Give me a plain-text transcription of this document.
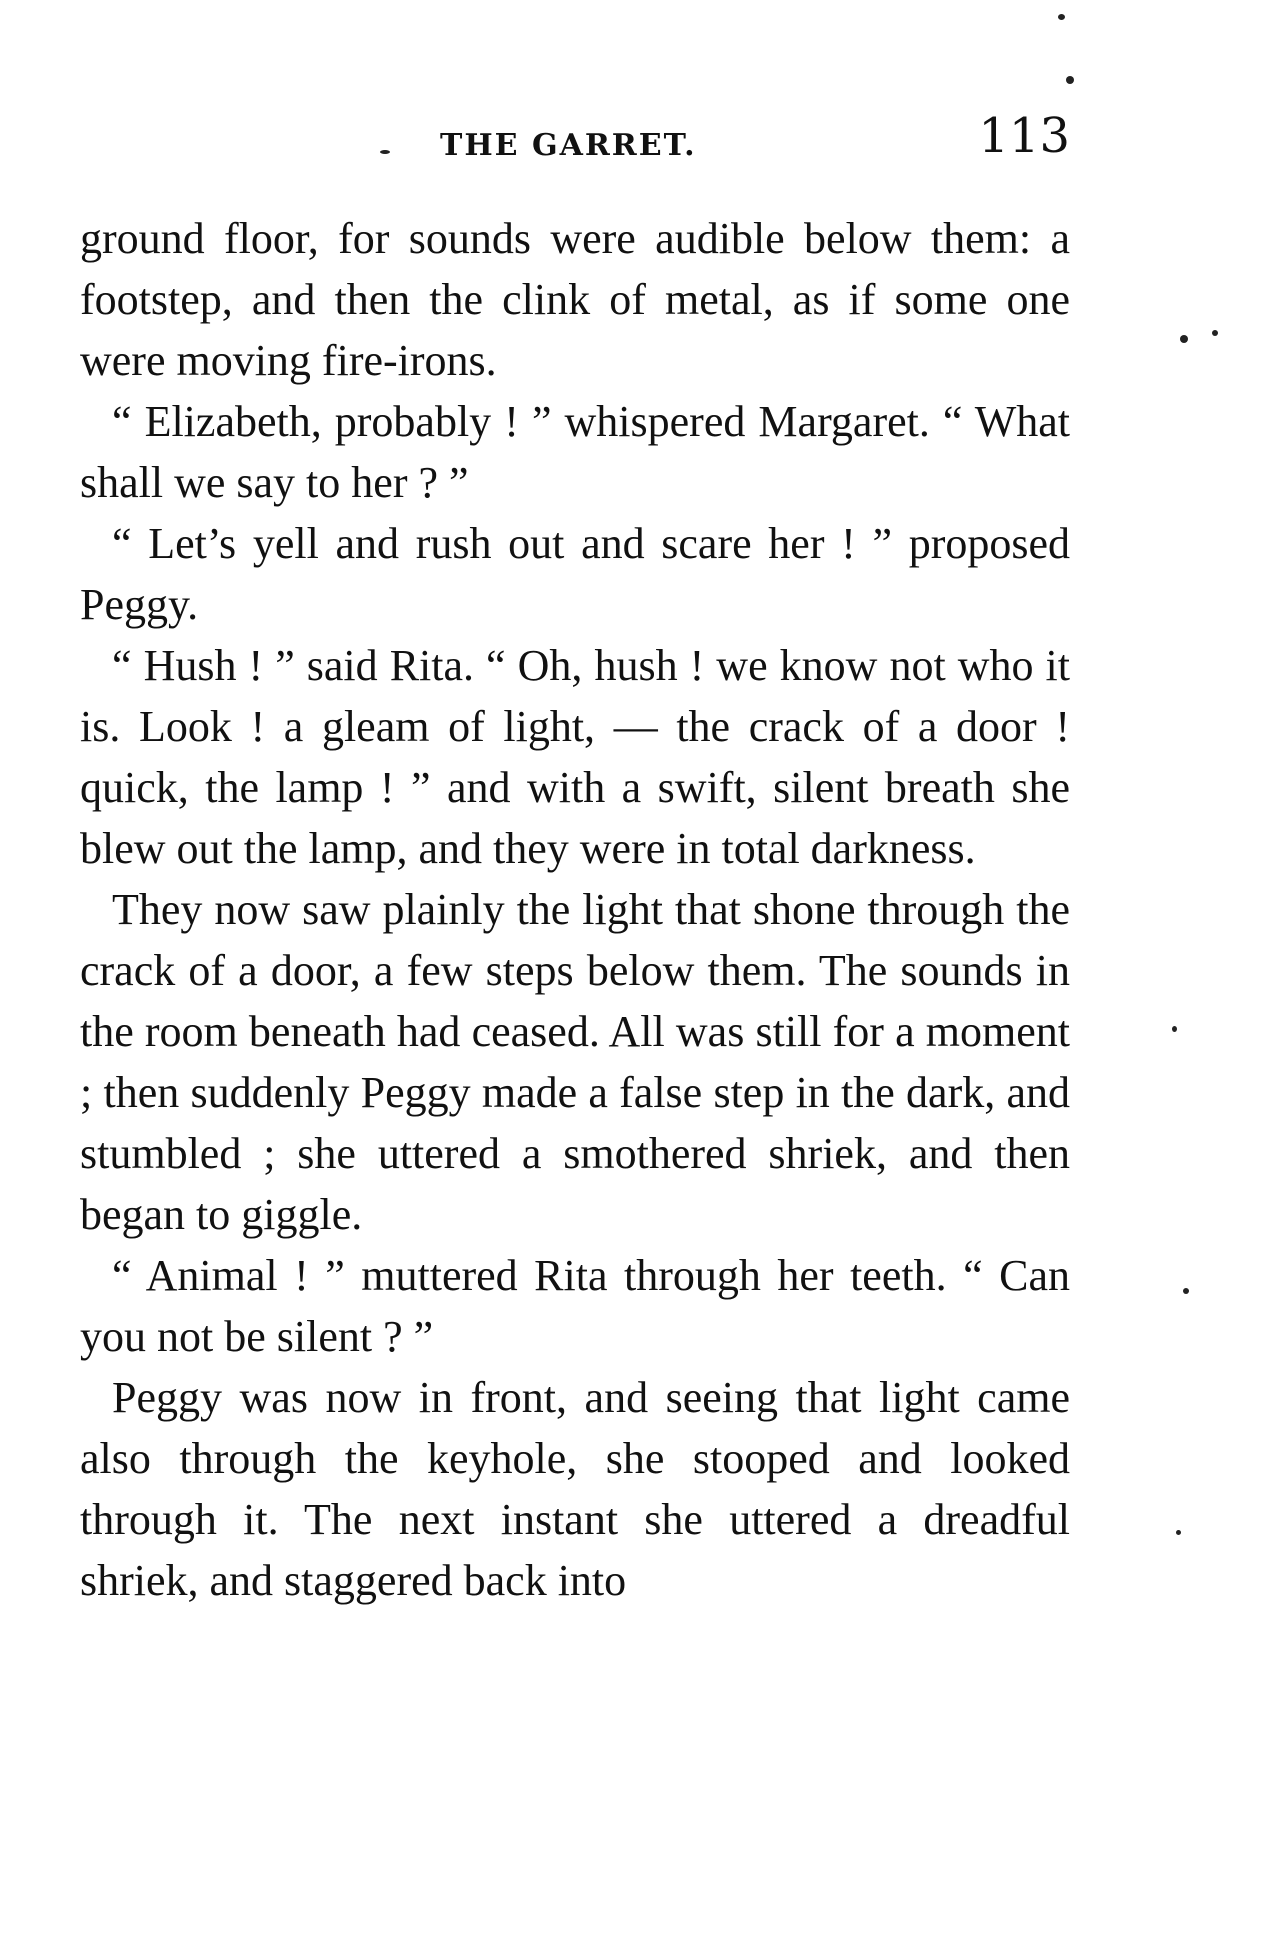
THE GARRET.	113

ground floor, for sounds were audible below them: a footstep, and then the clink of metal, as if some one were moving fire-irons.

“ Elizabeth, probably ! ” whispered Margaret. “ What shall we say to her ? ”

“ Let’s yell and rush out and scare her ! ” proposed Peggy.

“ Hush ! ” said Rita. “ Oh, hush ! we know not who it is. Look ! a gleam of light, — the crack of a door ! quick, the lamp ! ” and with a swift, silent breath she blew out the lamp, and they were in total darkness.

They now saw plainly the light that shone through the crack of a door, a few steps below them. The sounds in the room beneath had ceased. All was still for a moment ; then suddenly Peggy made a false step in the dark, and stumbled ; she uttered a smothered shriek, and then began to giggle.

“ Animal ! ” muttered Rita through her teeth. “ Can you not be silent ? ”

Peggy was now in front, and seeing that light came also through the keyhole, she stooped and looked through it. The next instant she uttered a dreadful shriek, and staggered back into
